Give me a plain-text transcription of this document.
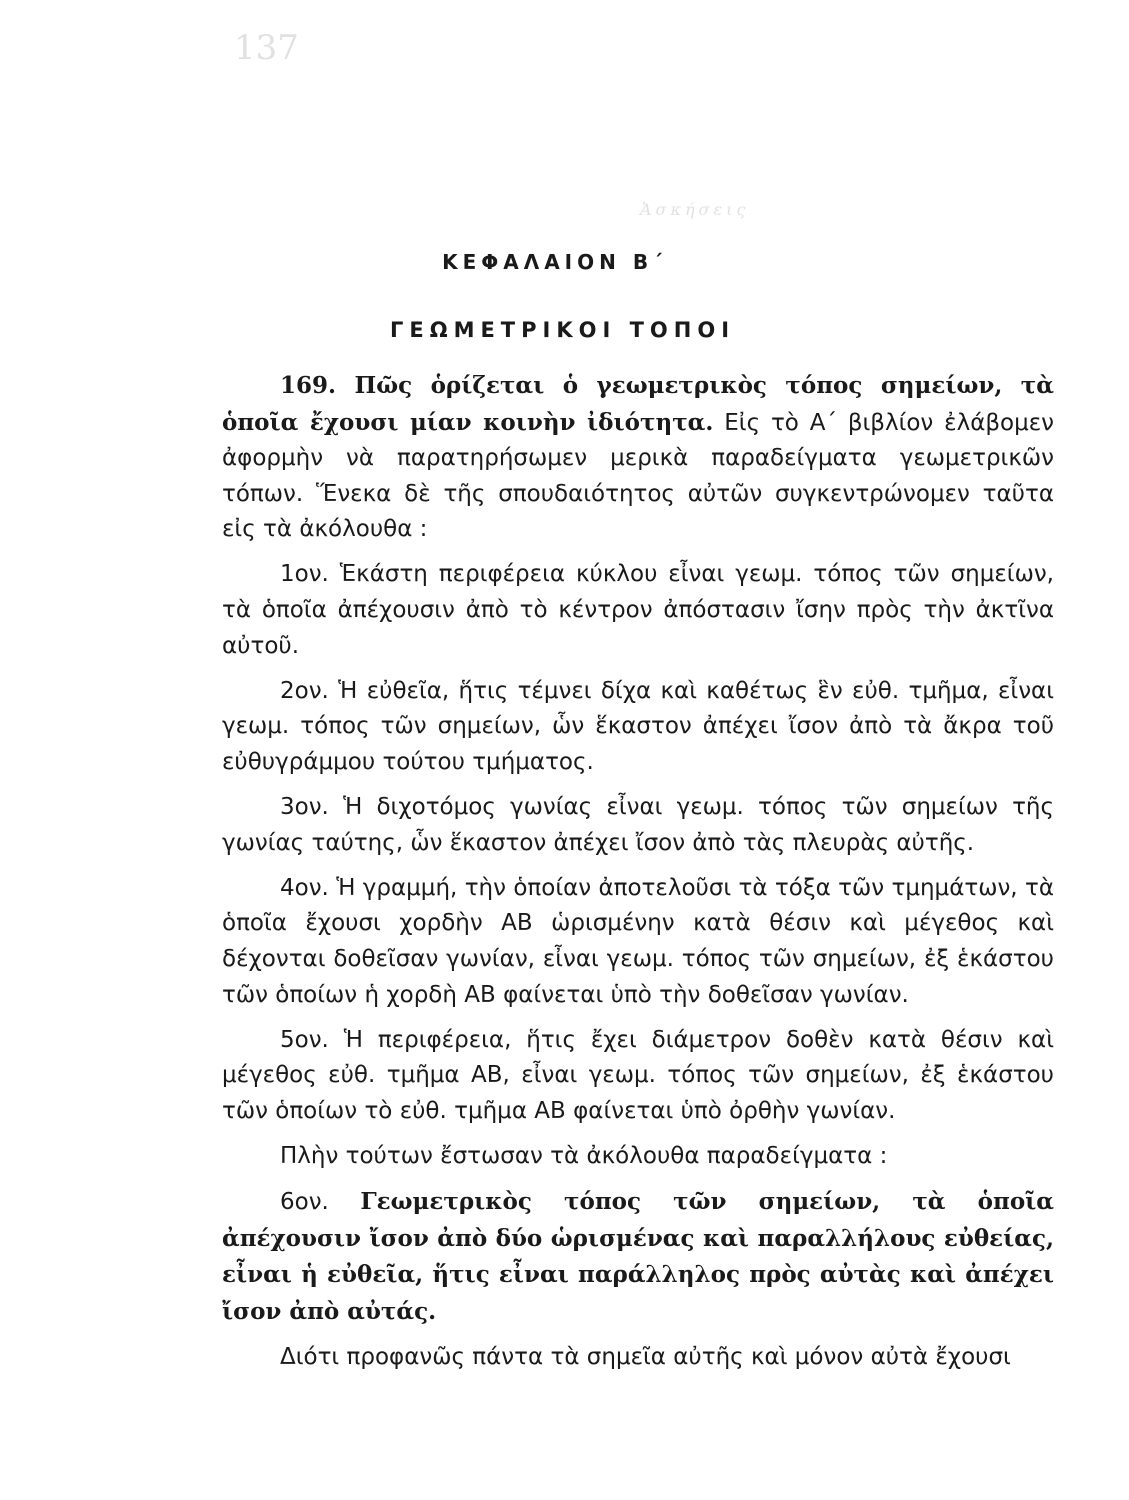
137
Ἀσκήσεις
ΚΕΦΑΛΑΙΟΝ Β΄
ΓΕΩΜΕΤΡΙΚΟΙ ΤΟΠΟΙ

169. Πῶς ὁρίζεται ὁ γεωμετρικὸς τόπος σημείων, τὰ ὁποῖα ἔχουσι μίαν κοινὴν ἰδιότητα. Εἰς τὸ Α΄ βιβλίον ἐλάβομεν ἀφορμὴν νὰ παρατηρήσωμεν μερικὰ παραδείγματα γεωμετρικῶν τόπων. Ἕνεκα δὲ τῆς σπουδαιότητος αὐτῶν συγκεντρώνομεν ταῦτα εἰς τὰ ἀκόλουθα :

1ον. Ἑκάστη περιφέρεια κύκλου εἶναι γεωμ. τόπος τῶν σημείων, τὰ ὁποῖα ἀπέχουσιν ἀπὸ τὸ κέντρον ἀπόστασιν ἴσην πρὸς τὴν ἀκτῖνα αὐτοῦ.

2ον. Ἡ εὐθεῖα, ἥτις τέμνει δίχα καὶ καθέτως ἓν εὐθ. τμῆμα, εἶναι γεωμ. τόπος τῶν σημείων, ὧν ἕκαστον ἀπέχει ἴσον ἀπὸ τὰ ἄκρα τοῦ εὐθυγράμμου τούτου τμήματος.

3ον. Ἡ διχοτόμος γωνίας εἶναι γεωμ. τόπος τῶν σημείων τῆς γωνίας ταύτης, ὧν ἕκαστον ἀπέχει ἴσον ἀπὸ τὰς πλευρὰς αὐτῆς.

4ον. Ἡ γραμμή, τὴν ὁποίαν ἀποτελοῦσι τὰ τόξα τῶν τμημάτων, τὰ ὁποῖα ἔχουσι χορδὴν ΑΒ ὡρισμένην κατὰ θέσιν καὶ μέγεθος καὶ δέχονται δοθεῖσαν γωνίαν, εἶναι γεωμ. τόπος τῶν σημείων, ἐξ ἑκάστου τῶν ὁποίων ἡ χορδὴ ΑΒ φαίνεται ὑπὸ τὴν δοθεῖσαν γωνίαν.

5ον. Ἡ περιφέρεια, ἥτις ἔχει διάμετρον δοθὲν κατὰ θέσιν καὶ μέγεθος εὐθ. τμῆμα ΑΒ, εἶναι γεωμ. τόπος τῶν σημείων, ἐξ ἑκάστου τῶν ὁποίων τὸ εὐθ. τμῆμα ΑΒ φαίνεται ὑπὸ ὀρθὴν γωνίαν.

Πλὴν τούτων ἔστωσαν τὰ ἀκόλουθα παραδείγματα :

6ον. Γεωμετρικὸς τόπος τῶν σημείων, τὰ ὁποῖα ἀπέχουσιν ἴσον ἀπὸ δύο ὡρισμένας καὶ παραλλήλους εὐθείας, εἶναι ἡ εὐθεῖα, ἥτις εἶναι παράλληλος πρὸς αὐτὰς καὶ ἀπέχει ἴσον ἀπὸ αὐτάς.

Διότι προφανῶς πάντα τὰ σημεῖα αὐτῆς καὶ μόνον αὐτὰ ἔχουσι
